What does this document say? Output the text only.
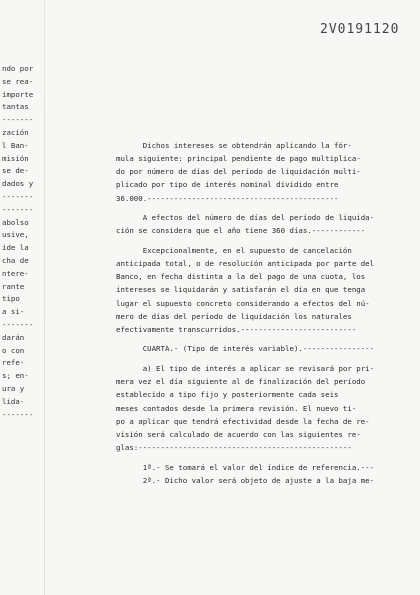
2V0191120
ndo por
se rea-
importe
tantas
-------
zación
l Ban-
misión
se de-
dados y
-------
-------
abolso
usive,
ide la
cha de
ntere-
rante
tipo
a si-
-------
darán
o con
refe-
s; en-
ura y
lida-
-------
Dichos intereses se obtendrán aplicando la fór-
mula siguiente: principal pendiente de pago multiplica-
do por número de días del período de liquidación multi-
plicado por tipo de interés nominal dividido entre
36.000.-------------------------------------------
A efectos del número de días del período de liquida-
ción se considera que el año tiene 360 días.------------
Excepcionalmente, en el supuesto de cancelación
anticipada total, o de resolución anticipada por parte del
Banco, en fecha distinta a la del pago de una cuota, los
intereses se liquidarán y satisfarán el día en que tenga
lugar el supuesto concreto considerando a efectos del nú-
mero de días del período de liquidación los naturales
efectivamente transcurridos.--------------------------
CUARTA.- (Tipo de interés variable).----------------
a) El tipo de interés a aplicar se revisará por pri-
mera vez el día siguiente al de finalización del período
establecido a tipo fijo y posteriormente cada seis
meses contados desde la primera revisión. El nuevo ti-
po a aplicar que tendrá efectividad desde la fecha de re-
visión será calculado de acuerdo con las siguientes re-
glas:------------------------------------------------
1ª.- Se tomará el valor del índice de referencia.---
2ª.- Dicho valor será objeto de ajuste a la baja me-
